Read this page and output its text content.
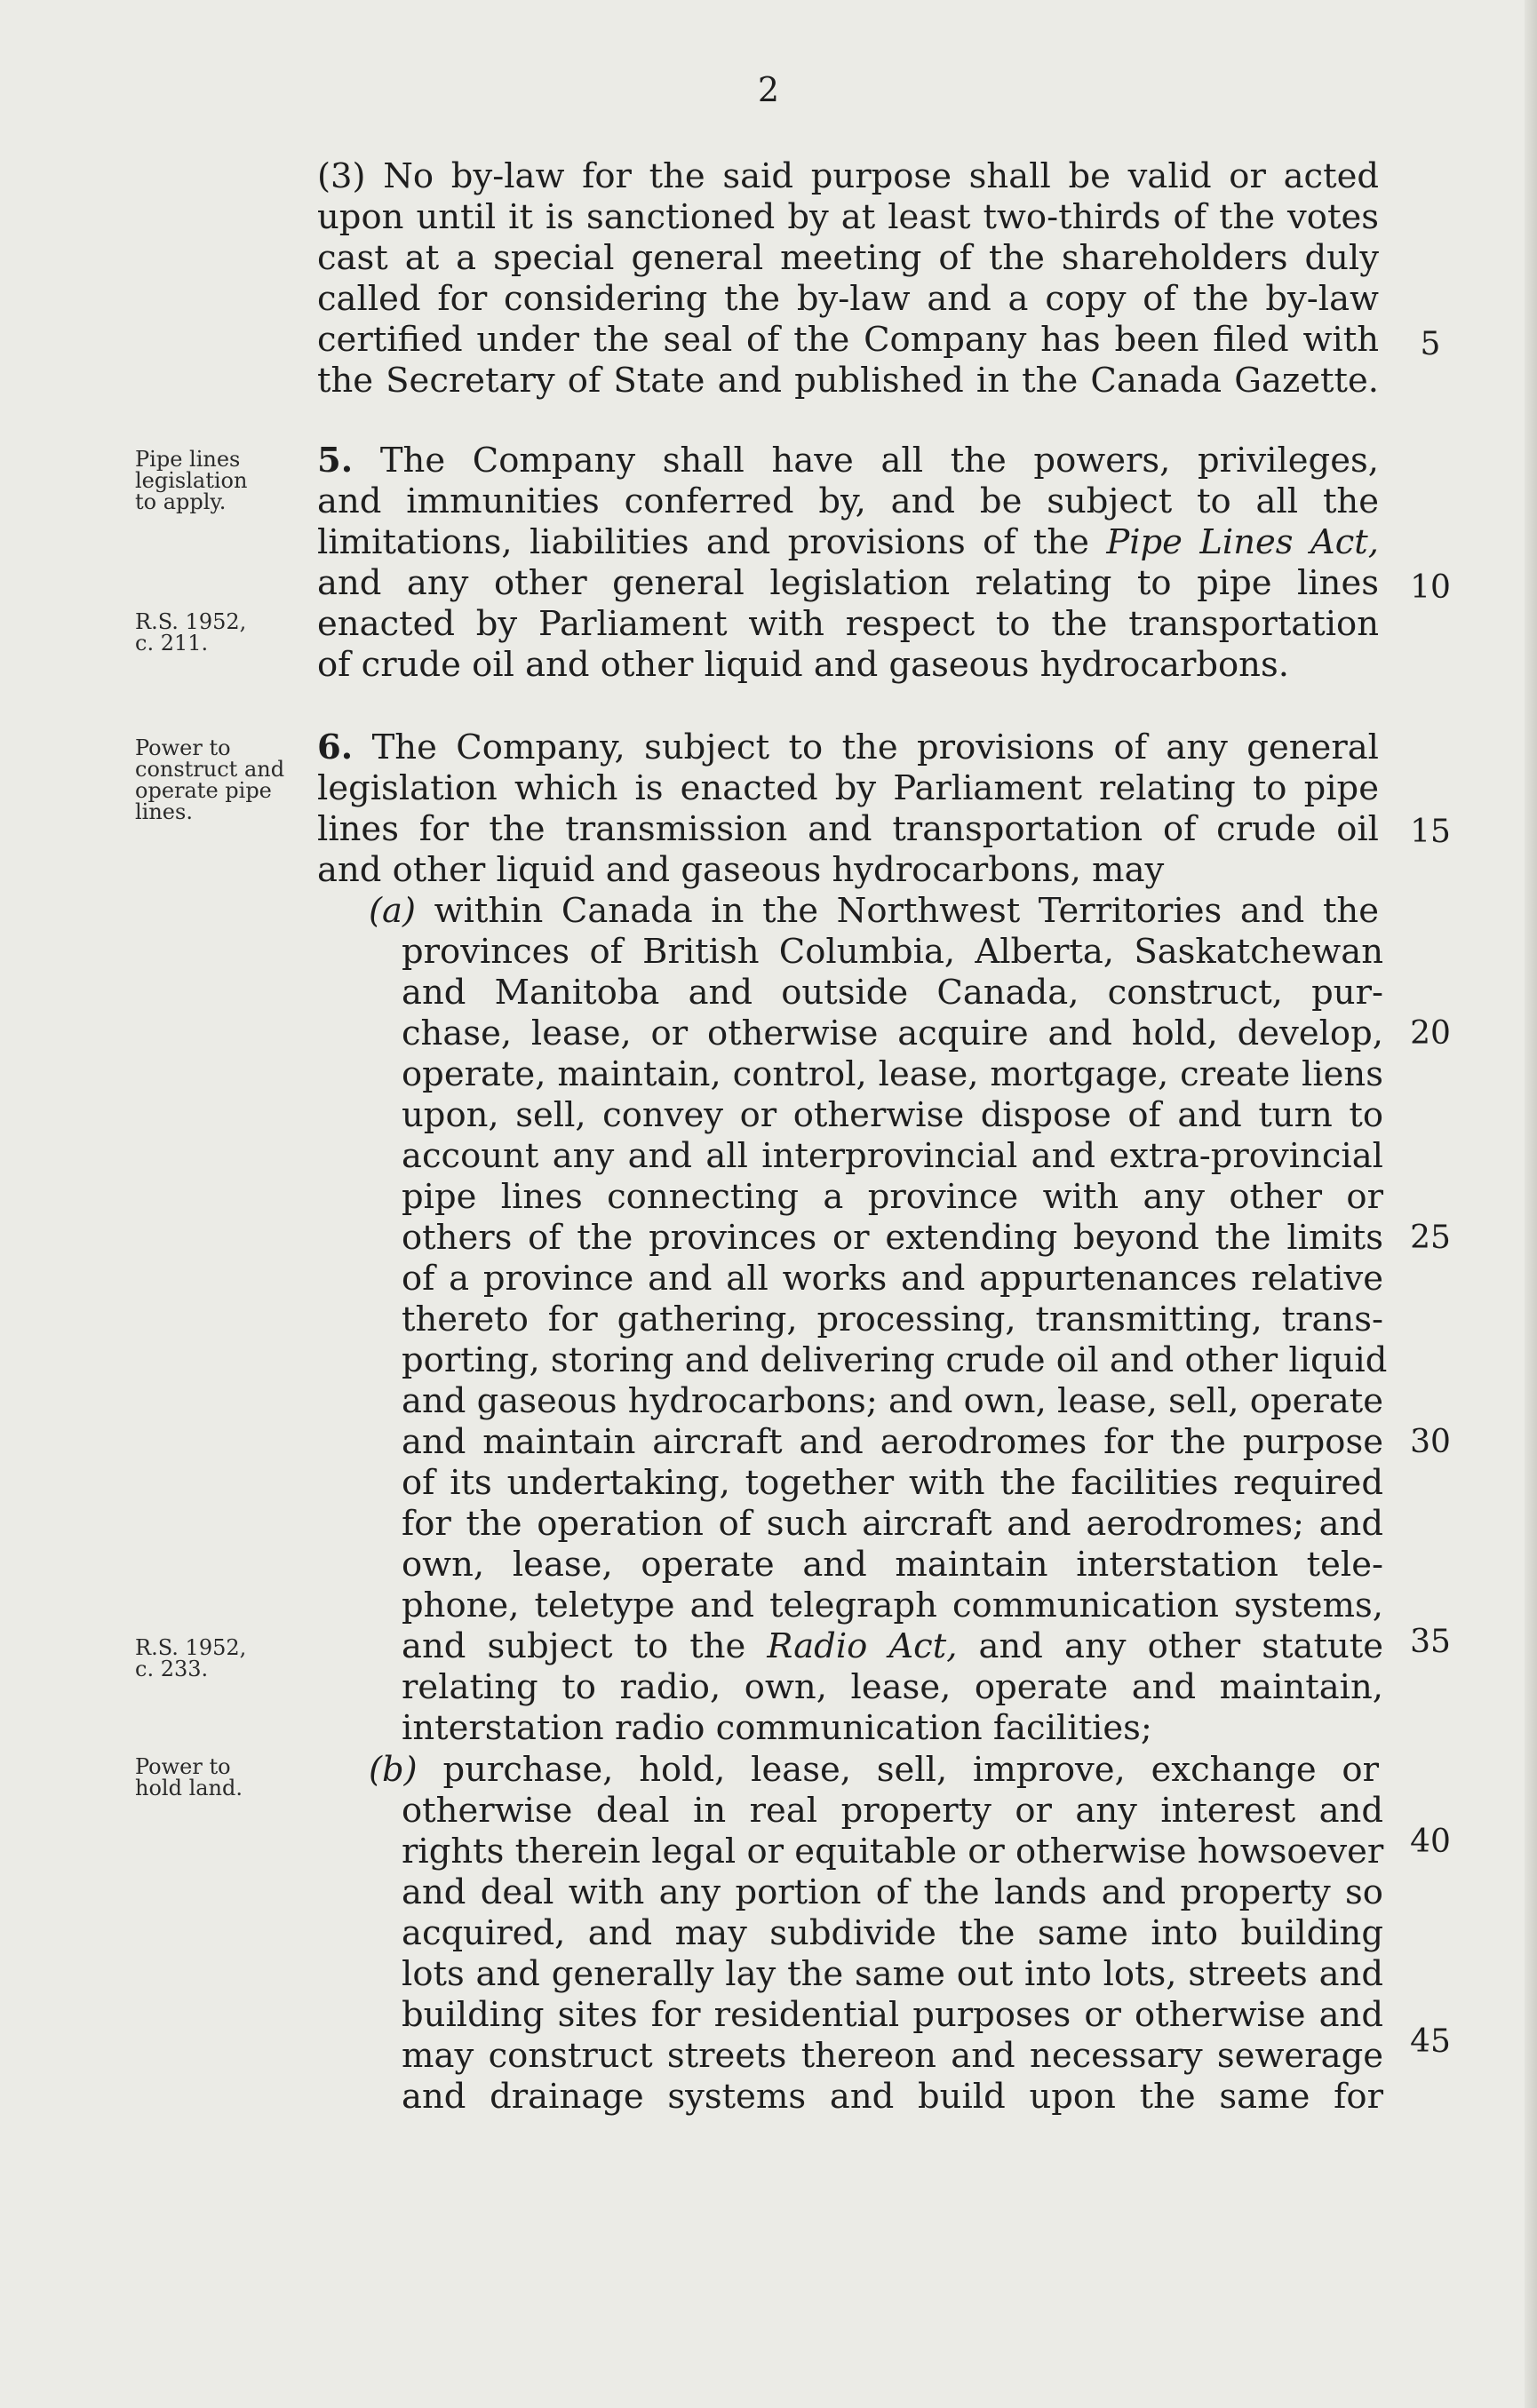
2
(3) No by-law for the said purpose shall be valid or acted
upon until it is sanctioned by at least two-thirds of the votes
cast at a special general meeting of the shareholders duly
called for considering the by-law and a copy of the by-law
certified under the seal of the Company has been filed with
the Secretary of State and published in the Canada Gazette.
5. The Company shall have all the powers, privileges,
and immunities conferred by, and be subject to all the
limitations, liabilities and provisions of the Pipe Lines Act,
and any other general legislation relating to pipe lines
enacted by Parliament with respect to the transportation
of crude oil and other liquid and gaseous hydrocarbons.
6. The Company, subject to the provisions of any general
legislation which is enacted by Parliament relating to pipe
lines for the transmission and transportation of crude oil
and other liquid and gaseous hydrocarbons, may
(a) within Canada in the Northwest Territories and the
provinces of British Columbia, Alberta, Saskatchewan
and Manitoba and outside Canada, construct, pur-
chase, lease, or otherwise acquire and hold, develop,
operate, maintain, control, lease, mortgage, create liens
upon, sell, convey or otherwise dispose of and turn to
account any and all interprovincial and extra-provincial
pipe lines connecting a province with any other or
others of the provinces or extending beyond the limits
of a province and all works and appurtenances relative
thereto for gathering, processing, transmitting, trans-
porting, storing and delivering crude oil and other liquid
and gaseous hydrocarbons; and own, lease, sell, operate
and maintain aircraft and aerodromes for the purpose
of its undertaking, together with the facilities required
for the operation of such aircraft and aerodromes; and
own, lease, operate and maintain interstation tele-
phone, teletype and telegraph communication systems,
and subject to the Radio Act, and any other statute
relating to radio, own, lease, operate and maintain,
interstation radio communication facilities;
(b) purchase, hold, lease, sell, improve, exchange or
otherwise deal in real property or any interest and
rights therein legal or equitable or otherwise howsoever
and deal with any portion of the lands and property so
acquired, and may subdivide the same into building
lots and generally lay the same out into lots, streets and
building sites for residential purposes or otherwise and
may construct streets thereon and necessary sewerage
and drainage systems and build upon the same for
Pipe lines
legislation
to apply.
R.S. 1952,
c. 211.
Power to
construct and
operate pipe
lines.
R.S. 1952,
c. 233.
Power to
hold land.
5
10
15
20
25
30
35
40
45
